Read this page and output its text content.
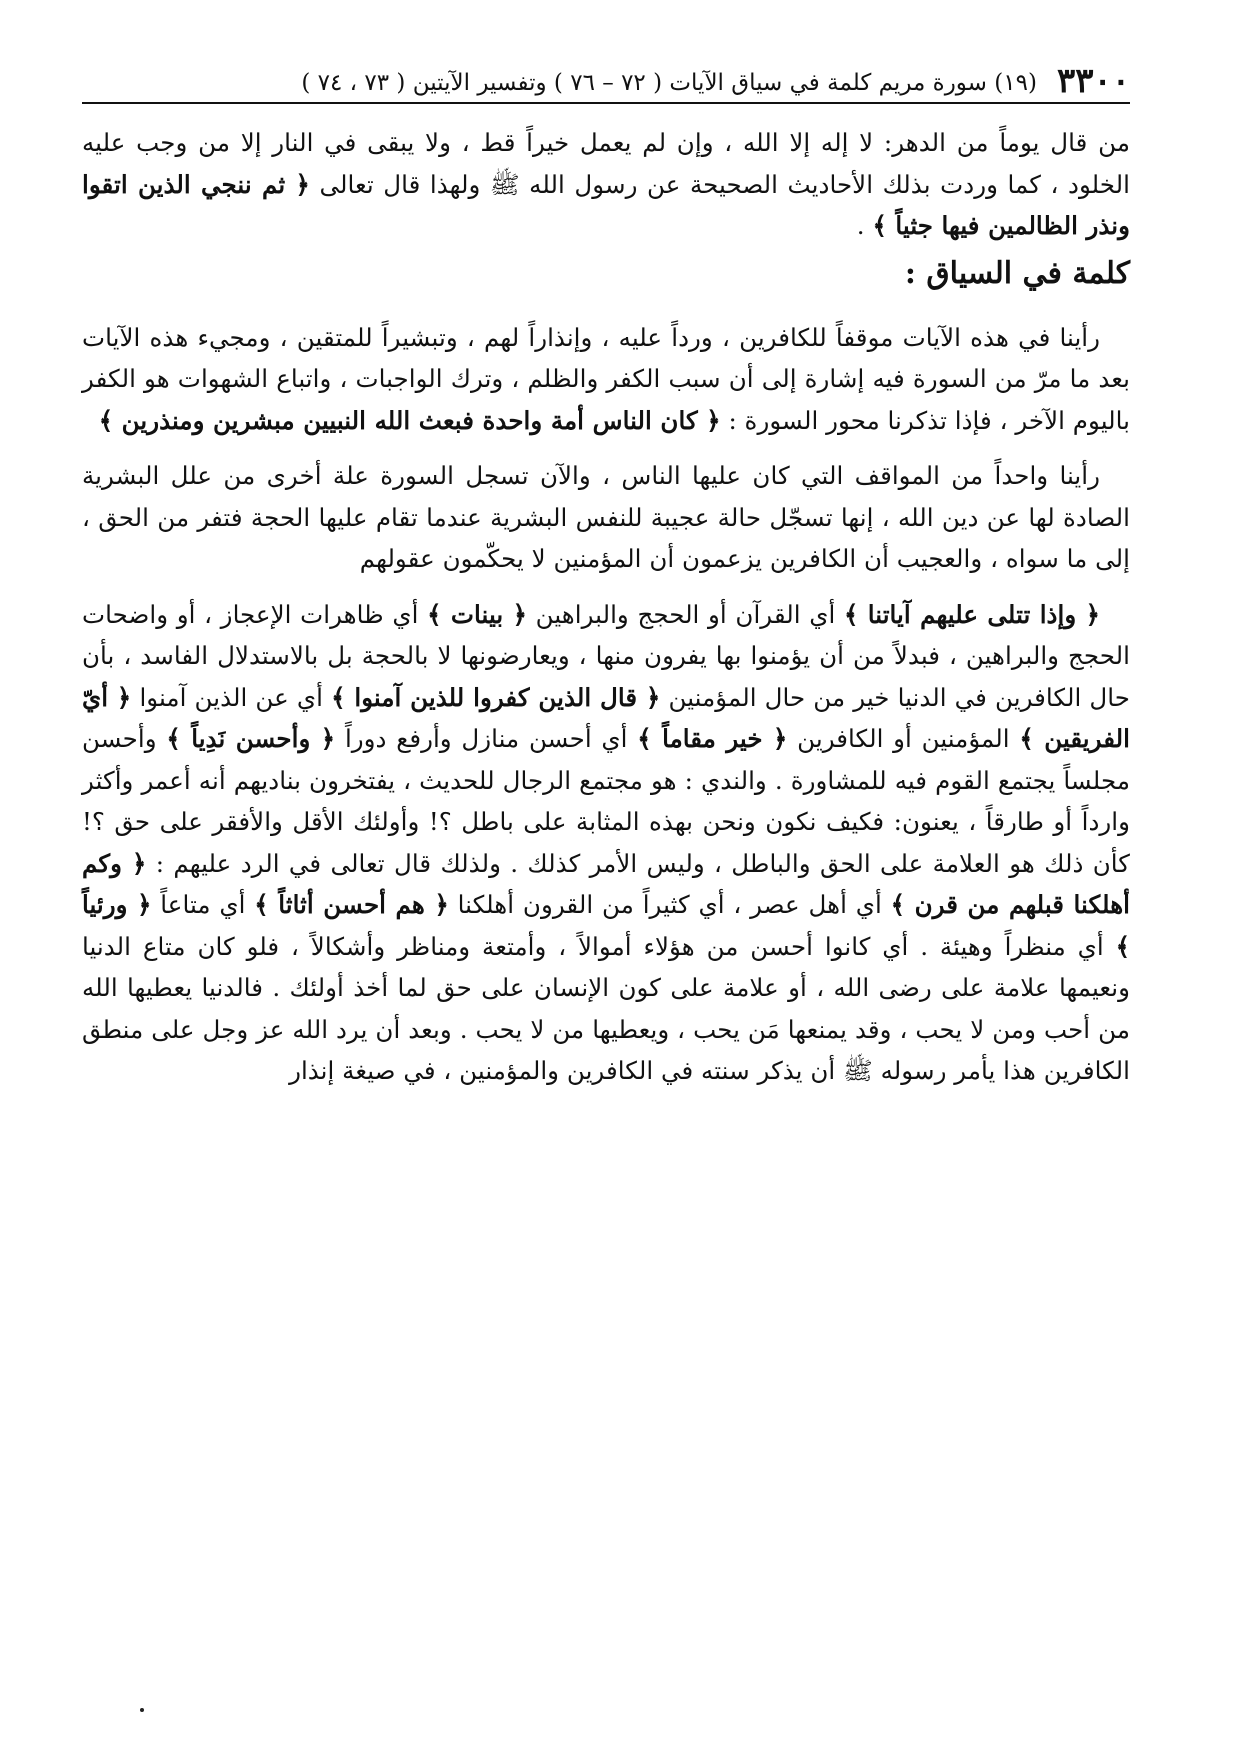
٣٣٠٠
(١٩) سورة مريم كلمة في سياق الآيات ( ٧٢ – ٧٦ ) وتفسير الآيتين ( ٧٣ ، ٧٤ )

من قال يوماً من الدهر: لا إله إلا الله ، وإن لم يعمل خيراً قط ، ولا يبقى في النار إلا من وجب عليه الخلود ، كما وردت بذلك الأحاديث الصحيحة عن رسول الله ﷺ ولهذا قال تعالى ﴿ ثم ننجي الذين اتقوا ونذر الظالمين فيها جثياً ﴾ .

كلمة في السياق :

رأينا في هذه الآيات موقفاً للكافرين ، ورداً عليه ، وإنذاراً لهم ، وتبشيراً للمتقين ، ومجيء هذه الآيات بعد ما مرّ من السورة فيه إشارة إلى أن سبب الكفر والظلم ، وترك الواجبات ، واتباع الشهوات هو الكفر باليوم الآخر ، فإذا تذكرنا محور السورة : ﴿ كان الناس أمة واحدة فبعث الله النبيين مبشرين ومنذرين ﴾

رأينا واحداً من المواقف التي كان عليها الناس ، والآن تسجل السورة علة أخرى من علل البشرية الصادة لها عن دين الله ، إنها تسجّل حالة عجيبة للنفس البشرية عندما تقام عليها الحجة فتفر من الحق ، إلى ما سواه ، والعجيب أن الكافرين يزعمون أن المؤمنين لا يحكّمون عقولهم

﴿ وإذا تتلى عليهم آياتنا ﴾ أي القرآن أو الحجج والبراهين ﴿ بينات ﴾ أي ظاهرات الإعجاز ، أو واضحات الحجج والبراهين ، فبدلاً من أن يؤمنوا بها يفرون منها ، ويعارضونها لا بالحجة بل بالاستدلال الفاسد ، بأن حال الكافرين في الدنيا خير من حال المؤمنين ﴿ قال الذين كفروا للذين آمنوا ﴾ أي عن الذين آمنوا ﴿ أيّ الفريقين ﴾ المؤمنين أو الكافرين ﴿ خير مقاماً ﴾ أي أحسن منازل وأرفع دوراً ﴿ وأحسن نَدِياً ﴾ وأحسن مجلساً يجتمع القوم فيه للمشاورة . والندي : هو مجتمع الرجال للحديث ، يفتخرون بناديهم أنه أعمر وأكثر وارداً أو طارقاً ، يعنون: فكيف نكون ونحن بهذه المثابة على باطل ؟! وأولئك الأقل والأفقر على حق ؟! كأن ذلك هو العلامة على الحق والباطل ، وليس الأمر كذلك . ولذلك قال تعالى في الرد عليهم : ﴿ وكم أهلكنا قبلهم من قرن ﴾ أي أهل عصر ، أي كثيراً من القرون أهلكنا ﴿ هم أحسن أثاثاً ﴾ أي متاعاً ﴿ ورئياً ﴾ أي منظراً وهيئة . أي كانوا أحسن من هؤلاء أموالاً ، وأمتعة ومناظر وأشكالاً ، فلو كان متاع الدنيا ونعيمها علامة على رضى الله ، أو علامة على كون الإنسان على حق لما أخذ أولئك . فالدنيا يعطيها الله من أحب ومن لا يحب ، وقد يمنعها مَن يحب ، ويعطيها من لا يحب . وبعد أن يرد الله عز وجل على منطق الكافرين هذا يأمر رسوله ﷺ أن يذكر سنته في الكافرين والمؤمنين ، في صيغة إنذار
